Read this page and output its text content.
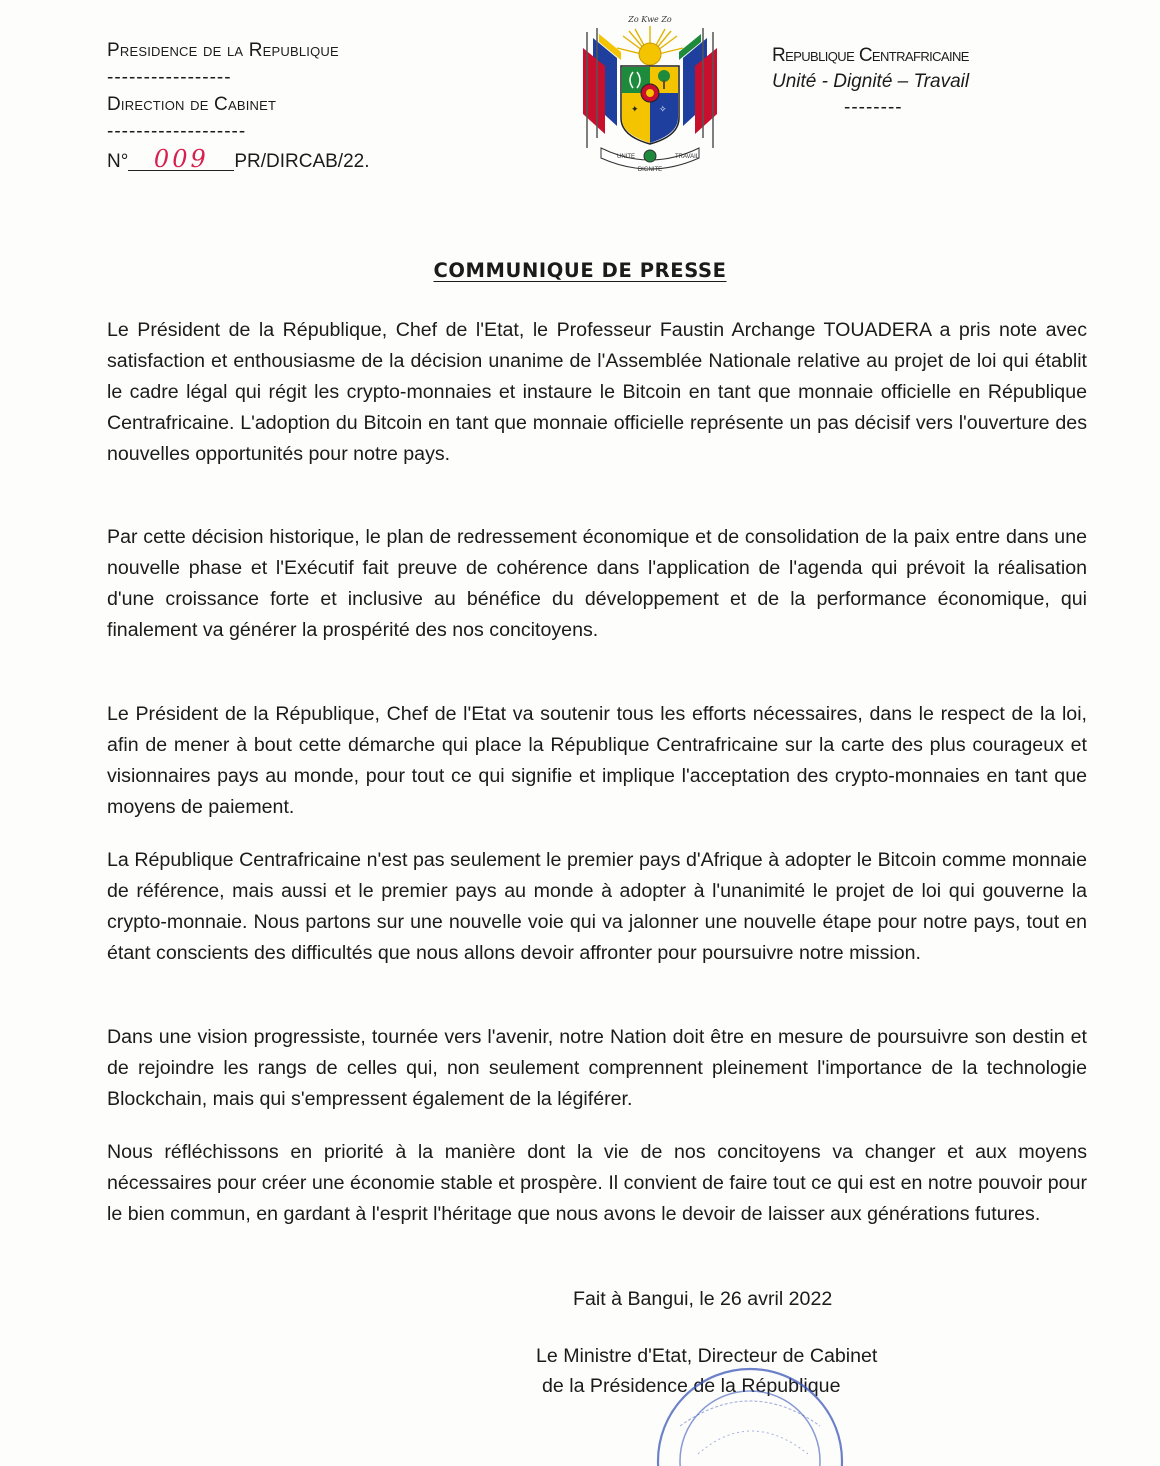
Presidence de la Republique
-----------------
Direction de Cabinet
-------------------
N° 009 PR/DIRCAB/22.
Zo Kwe Zo
✦ ✧
UNITE	TRAVAIL
DIGNITE
Republique Centrafricaine
Unité - Dignité – Travail
--------
COMMUNIQUE DE PRESSE
Le Président de la République, Chef de l'Etat, le Professeur Faustin Archange TOUADERA a pris note avec satisfaction et enthousiasme de la décision unanime de l'Assemblée Nationale relative au projet de loi qui établit le cadre légal qui régit les crypto-monnaies et instaure le Bitcoin en tant que monnaie officielle en République Centrafricaine. L'adoption du Bitcoin en tant que monnaie officielle représente un pas décisif vers l'ouverture des nouvelles opportunités pour notre pays.
Par cette décision historique, le plan de redressement économique et de consolidation de la paix entre dans une nouvelle phase et l'Exécutif fait preuve de cohérence dans l'application de l'agenda qui prévoit la réalisation d'une croissance forte et inclusive au bénéfice du développement et de la performance économique, qui finalement va générer la prospérité des nos concitoyens.
Le Président de la République, Chef de l'Etat va soutenir tous les efforts nécessaires, dans le respect de la loi, afin de mener à bout cette démarche qui place la République Centrafricaine sur la carte des plus courageux et visionnaires pays au monde, pour tout ce qui signifie et implique l'acceptation des crypto-monnaies en tant que moyens de paiement.
La République Centrafricaine n'est pas seulement le premier pays d'Afrique à adopter le Bitcoin comme monnaie de référence, mais aussi et le premier pays au monde à adopter à l'unanimité le projet de loi qui gouverne la crypto-monnaie. Nous partons sur une nouvelle voie qui va jalonner une nouvelle étape pour notre pays, tout en étant conscients des difficultés que nous allons devoir affronter pour poursuivre notre mission.
Dans une vision progressiste, tournée vers l'avenir, notre Nation doit être en mesure de poursuivre son destin et de rejoindre les rangs de celles qui, non seulement comprennent pleinement l'importance de la technologie Blockchain, mais qui s'empressent également de la légiférer.
Nous réfléchissons en priorité à la manière dont la vie de nos concitoyens va changer et aux moyens nécessaires pour créer une économie stable et prospère. Il convient de faire tout ce qui est en notre pouvoir pour le bien commun, en gardant à l'esprit l'héritage que nous avons le devoir de laisser aux générations futures.
Fait à Bangui, le 26 avril 2022
Le Ministre d'Etat, Directeur de Cabinet
de la Présidence de la République
